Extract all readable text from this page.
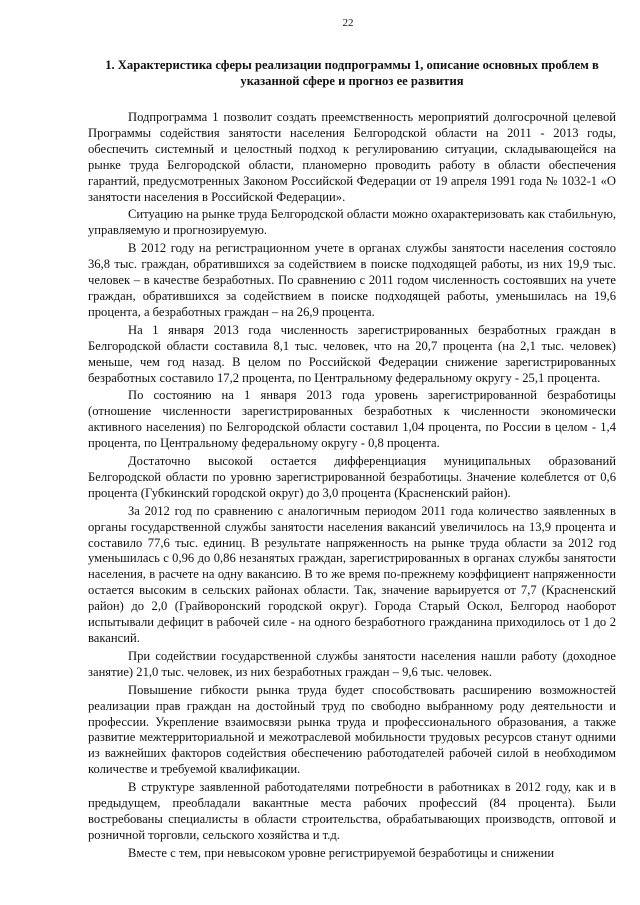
22
1. Характеристика сферы реализации подпрограммы 1, описание основных проблем в указанной сфере и прогноз ее развития

Подпрограмма 1 позволит создать преемственность мероприятий долгосрочной целевой Программы содействия занятости населения Белгородской области на 2011 - 2013 годы, обеспечить системный и целостный подход к регулированию ситуации, складывающейся на рынке труда Белгородской области, планомерно проводить работу в области обеспечения гарантий, предусмотренных Законом Российской Федерации от 19 апреля 1991 года № 1032-1 «О занятости населения в Российской Федерации».

Ситуацию на рынке труда Белгородской области можно охарактеризовать как стабильную, управляемую и прогнозируемую.

В 2012 году на регистрационном учете в органах службы занятости населения состояло 36,8 тыс. граждан, обратившихся за содействием в поиске подходящей работы, из них 19,9 тыс. человек – в качестве безработных. По сравнению с 2011 годом численность состоявших на учете граждан, обратившихся за содействием в поиске подходящей работы, уменьшилась на 19,6 процента, а безработных граждан – на 26,9 процента.

На 1 января 2013 года численность зарегистрированных безработных граждан в Белгородской области составила 8,1 тыс. человек, что на 20,7 процента (на 2,1 тыс. человек) меньше, чем год назад. В целом по Российской Федерации снижение зарегистрированных безработных составило 17,2 процента, по Центральному федеральному округу - 25,1 процента.

По состоянию на 1 января 2013 года уровень зарегистрированной безработицы (отношение численности зарегистрированных безработных к численности экономически активного населения) по Белгородской области составил 1,04 процента, по России в целом - 1,4 процента, по Центральному федеральному округу - 0,8 процента.

Достаточно высокой остается дифференциация муниципальных образований Белгородской области по уровню зарегистрированной безработицы. Значение колеблется от 0,6 процента (Губкинский городской округ) до 3,0 процента (Красненский район).

За 2012 год по сравнению с аналогичным периодом 2011 года количество заявленных в органы государственной службы занятости населения вакансий увеличилось на 13,9 процента и составило 77,6 тыс. единиц. В результате напряженность на рынке труда области за 2012 год уменьшилась с 0,96 до 0,86 незанятых граждан, зарегистрированных в органах службы занятости населения, в расчете на одну вакансию. В то же время по-прежнему коэффициент напряженности остается высоким в сельских районах области. Так, значение варьируется от 7,7 (Красненский район) до 2,0 (Грайворонский городской округ). Города Старый Оскол, Белгород наоборот испытывали дефицит в рабочей силе - на одного безработного гражданина приходилось от 1 до 2 вакансий.

При содействии государственной службы занятости населения нашли работу (доходное занятие) 21,0 тыс. человек, из них безработных граждан – 9,6 тыс. человек.

Повышение гибкости рынка труда будет способствовать расширению возможностей реализации прав граждан на достойный труд по свободно выбранному роду деятельности и профессии. Укрепление взаимосвязи рынка труда и профессионального образования, а также развитие межтерриториальной и межотраслевой мобильности трудовых ресурсов станут одними из важнейших факторов содействия обеспечению работодателей рабочей силой в необходимом количестве и требуемой квалификации.

В структуре заявленной работодателями потребности в работниках в 2012 году, как и в предыдущем, преобладали вакантные места рабочих профессий (84 процента). Были востребованы специалисты в области строительства, обрабатывающих производств, оптовой и розничной торговли, сельского хозяйства и т.д.

Вместе с тем, при невысоком уровне регистрируемой безработицы и снижении
